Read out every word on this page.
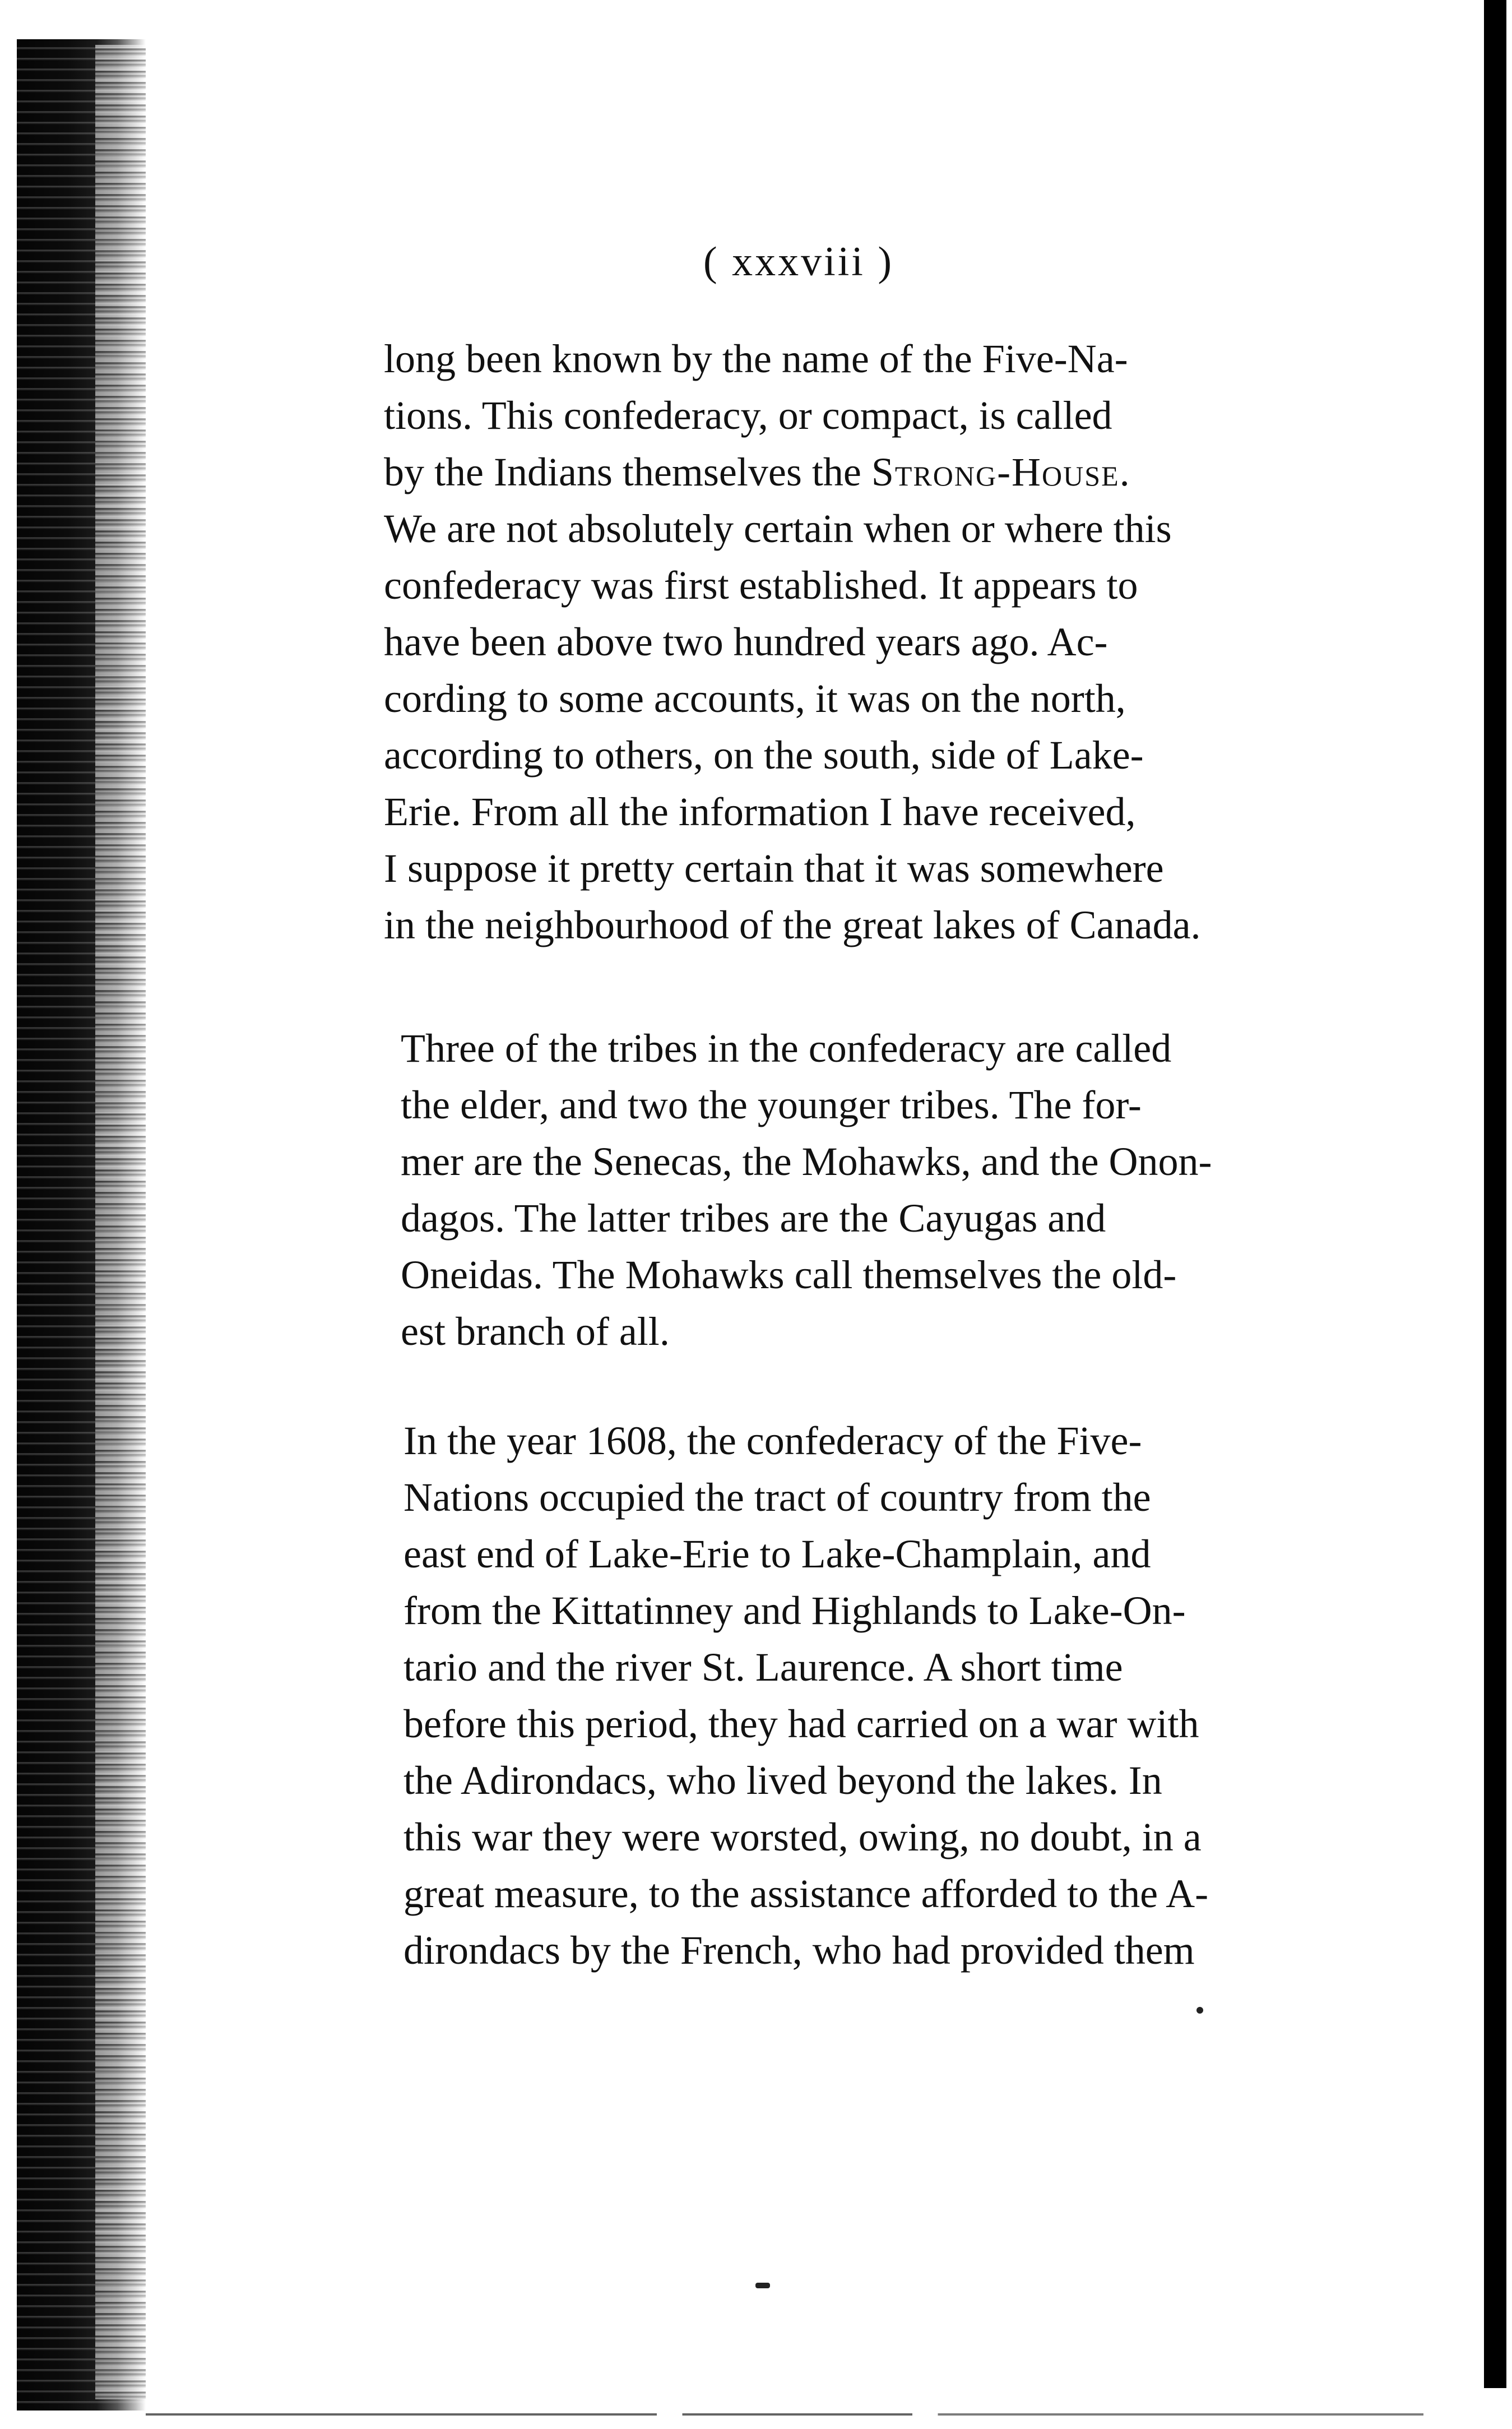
( xxxviii )
long been known by the name of the Five-Na-
tions. This confederacy, or compact, is called
by the Indians themselves the Strong-House.
We are not absolutely certain when or where this
confederacy was first established. It appears to
have been above two hundred years ago. Ac-
cording to some accounts, it was on the north,
according to others, on the south, side of Lake-
Erie. From all the information I have received,
I suppose it pretty certain that it was somewhere
in the neighbourhood of the great lakes of Canada.
Three of the tribes in the confederacy are called
the elder, and two the younger tribes. The for-
mer are the Senecas, the Mohawks, and the Onon-
dagos. The latter tribes are the Cayugas and
Oneidas. The Mohawks call themselves the old-
est branch of all.
In the year 1608, the confederacy of the Five-
Nations occupied the tract of country from the
east end of Lake-Erie to Lake-Champlain, and
from the Kittatinney and Highlands to Lake-On-
tario and the river St. Laurence. A short time
before this period, they had carried on a war with
the Adirondacs, who lived beyond the lakes. In
this war they were worsted, owing, no doubt, in a
great measure, to the assistance afforded to the A-
dirondacs by the French, who had provided them
